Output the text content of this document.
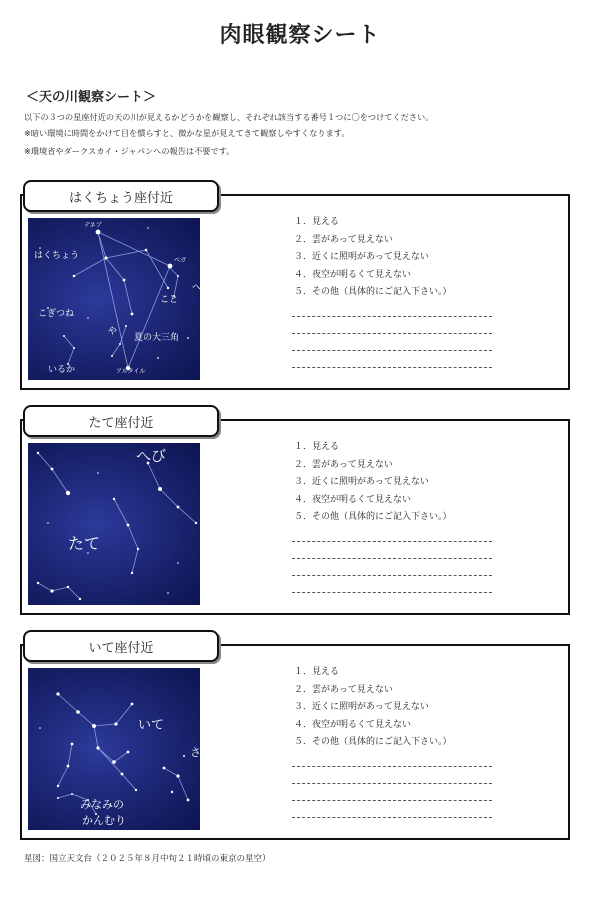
肉眼観察シート
＜天の川観察シート＞
以下の３つの星座付近の天の川が見えるかどうかを観察し、それぞれ該当する番号１つに〇をつけてください。
※暗い環境に時間をかけて目を慣らすと、微かな星が見えてきて観察しやすくなります。
※環境省やダークスカイ・ジャパンへの報告は不要です。
はくちょう座付近
デネブ
はくちょう	ベガ
こと
こぎつね
や
夏の大三角
いるか	アルタイル
へ
１．見える
２．雲があって見えない
３．近くに照明があって見えない
４．夜空が明るくて見えない
５．その他（具体的にご記入下さい。）
たて座付近
へび
たて
１．見える
２．雲があって見えない
３．近くに照明があって見えない
４．夜空が明るくて見えない
５．その他（具体的にご記入下さい。）
いて座付近
いて
みなみの
かんむり
さ
１．見える
２．雲があって見えない
３．近くに照明があって見えない
４．夜空が明るくて見えない
５．その他（具体的にご記入下さい。）
星図：国立天文台（２０２５年８月中旬２１時頃の東京の星空）
